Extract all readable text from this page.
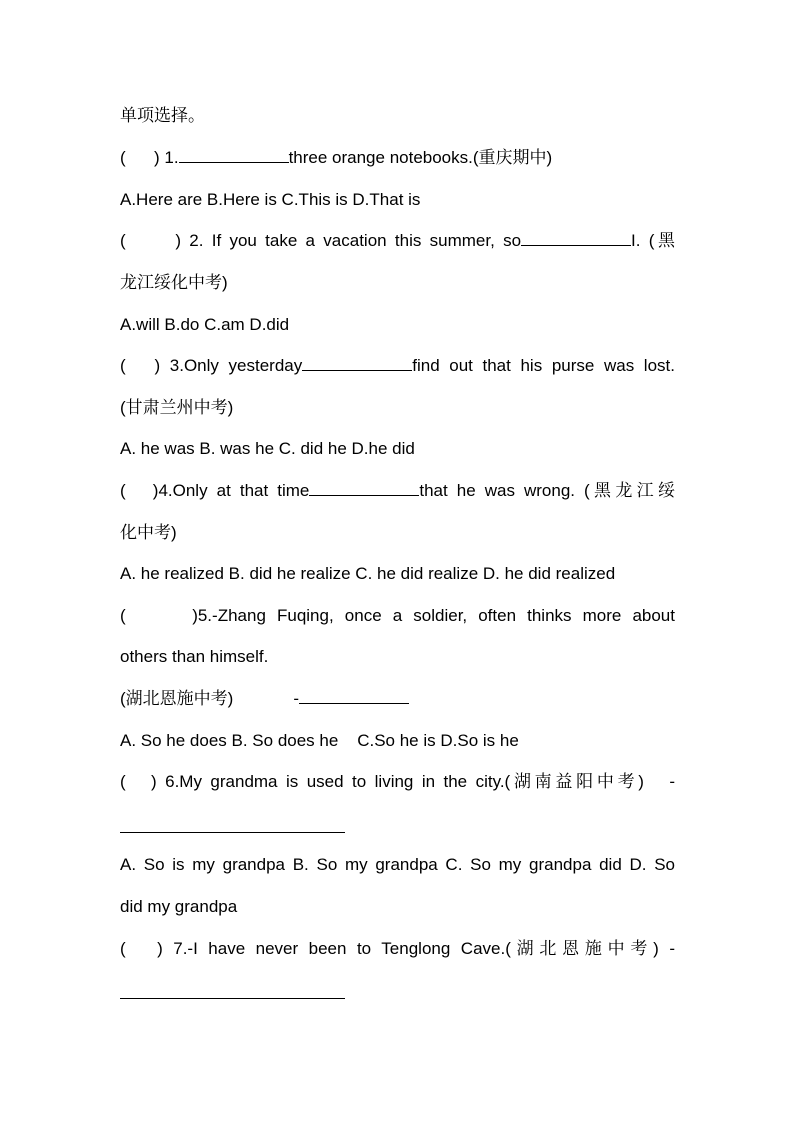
单项选择。
(      ) 1.	three orange notebooks.(重庆期中)
A.Here are B.Here is C.This is D.That is
(      ) 2. If you take a vacation this summer, so	I. (黑
龙江绥化中考)
A.will B.do C.am D.did
(   ) 3.Only yesterday	find out that his purse was lost.
(甘肃兰州中考)
A. he was B. was he C. did he D.he did
(   )4.Only at that time	that he was wrong. (黑龙江绥
化中考)
A. he realized B. did he realize C. he did realize D. he did realized
(      )5.-Zhang Fuqing, once a soldier, often thinks more about
others than himself.
(湖北恩施中考)	-
A. So he does B. So does he    C.So he is D.So is he
(   ) 6.My grandma is used to living in the city.(湖南益阳中考)   -
A. So is my grandpa B. So my grandpa C. So my grandpa did D. So
did my grandpa
(   ) 7.-I have never been to Tenglong Cave.(湖北恩施中考) -
